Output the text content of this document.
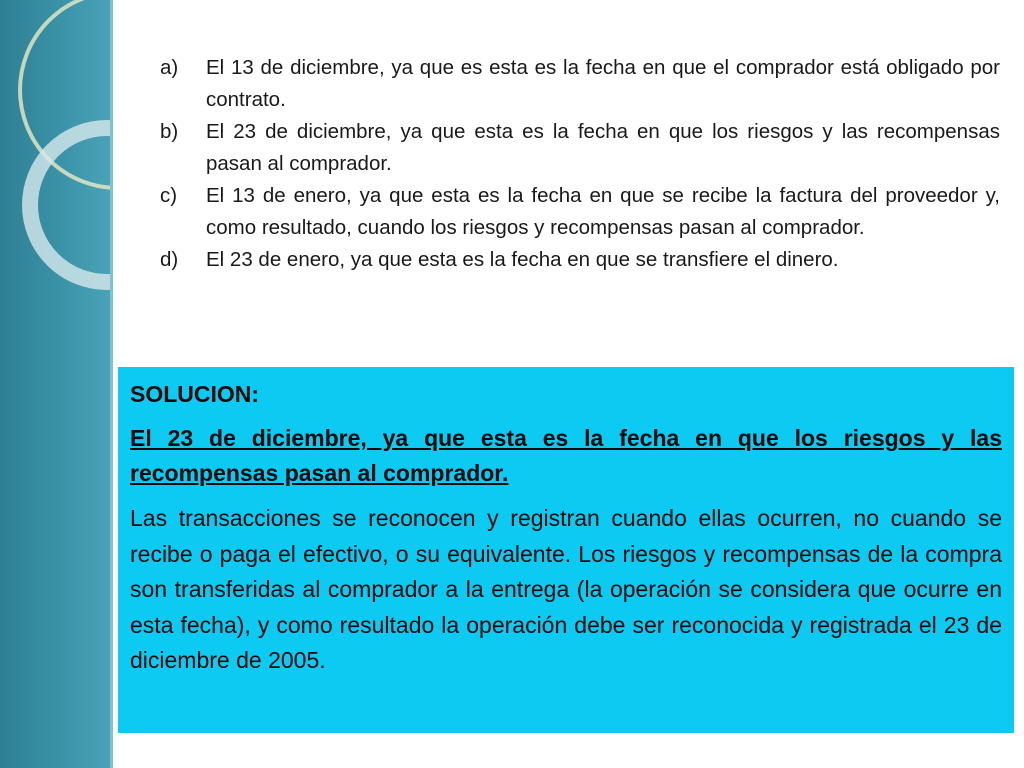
a)	El 13 de diciembre, ya que es esta es la fecha en que el comprador está obligado por contrato.
b)	El 23 de diciembre, ya que esta es la fecha en que los riesgos y las recompensas pasan al comprador.
c)	El 13 de enero, ya que esta es la fecha en que se recibe la factura del proveedor y, como resultado, cuando los riesgos y recompensas pasan al comprador.
d)	El 23 de enero, ya que esta es la fecha en que se transfiere el dinero.

SOLUCION:

El 23 de diciembre, ya que esta es la fecha en que los riesgos y las recompensas pasan al comprador.

Las transacciones se reconocen y registran cuando ellas ocurren, no cuando se recibe o paga el efectivo, o su equivalente. Los riesgos y recompensas de la compra son transferidas al comprador a la entrega (la operación se considera que ocurre en esta fecha), y como resultado la operación debe ser reconocida y registrada el 23 de diciembre de 2005.
